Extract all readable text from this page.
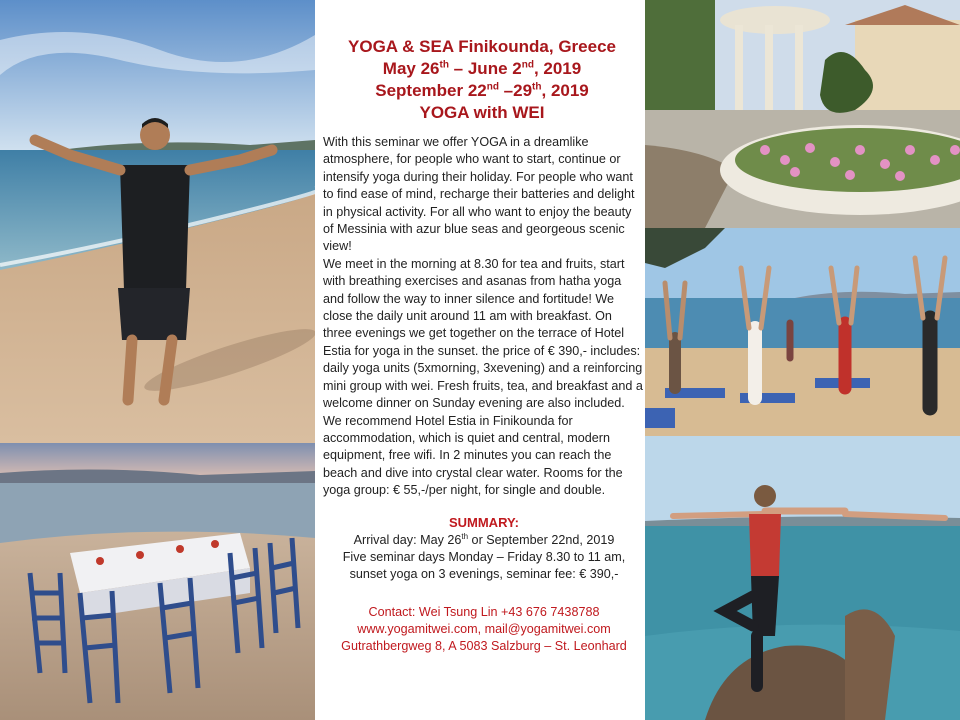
YOGA & SEA Finikounda, Greece
May 26th – June 2nd, 2019
September 22nd –29th, 2019
YOGA with WEI

With this seminar we offer YOGA in a dreamlike atmosphere, for people who want to start, continue or intensify yoga during their holiday. For people who want to find ease of mind, recharge their batteries and delight in physical activity. For all who want to enjoy the beauty of Messinia with azur blue seas and georgeous scenic view!

We meet in the morning at 8.30 for tea and fruits, start with breathing exercises and asanas from hatha yoga and follow the way to inner silence and fortitude! We close the daily unit around 11 am with breakfast. On three evenings we get together on the terrace of Hotel Estia for yoga in the sunset. the price of € 390,- includes: daily yoga units (5xmorning, 3xevening) and a reinforcing mini group with wei. Fresh fruits, tea, and breakfast and a welcome dinner on Sunday evening are also included.

We recommend Hotel Estia in Finikounda for accommodation, which is quiet and central, modern equipment, free wifi. In 2 minutes you can reach the beach and dive into crystal clear water. Rooms for the yoga group: € 55,-/per night, for single and double.

SUMMARY:
Arrival day: May 26th or September 22nd, 2019
Five seminar days Monday – Friday 8.30 to 11 am,
sunset yoga on 3 evenings, seminar fee: € 390,-
Contact: Wei Tsung Lin +43 676 7438788
www.yogamitwei.com, mail@yogamitwei.com
Gutrathbergweg 8, A 5083 Salzburg – St. Leonhard
